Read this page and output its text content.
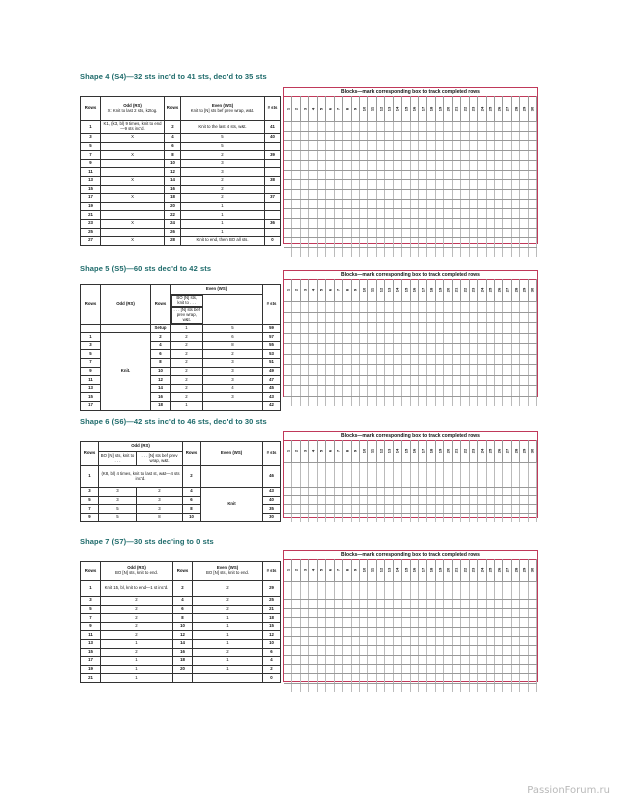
Shape 4 (S4)—32 sts inc'd to 41 sts, dec'd to 35 sts
Rows	Odd (RS)
X: Knit to last 2 sts, k2tog.	Rows	Even (WS)
Knit to [N] sts bef prev wrap, w&t.	# sts
1	K1, (k3, bl) 9 times, knit to end—9 sts inc'd.	2	Knit to the last 4 sts, w&t.	41
3	X	4	5	40
5		6	5	
7	X	8	2	39
9		10	3	
11		12	3	
13	X	14	2	38
15		16	2	
17	X	18	2	37
19		20	1	
21		22	1	
23	X	24	1	36
25		26	1	
27	X	28	Knit to end, then BO all sts.	0
Blocks—mark corresponding box to track completed rows
1 2 3 4 5 6 7 8 9 10 11 12 13 14 15 16 17 18 19 20 21 22 23 24 25 26 27 28 29 30
Shape 5 (S5)—60 sts dec'd to 42 sts
Rows	Odd (RS)	Rows	Even (WS)		# sts

BO [N] sts, knit to . . .
. . . [N] sts bef prev wrap, w&t.

		Setup	1	5	59
1	Knit.	2	2	6	57
3		4	2	8	55
5		6	2	2	53
7		8	2	3	51
9		10	2	3	49
11		12	2	3	47
13		14	2	4	45
15		16	2	3	43
17		18	1		42
Blocks—mark corresponding box to track completed rows
1 2 3 4 5 6 7 8 9 10 11 12 13 14 15 16 17 18 19 20 21 22 23 24 25 26 27 28 29 30
Shape 6 (S6)—42 sts inc'd to 46 sts, dec'd to 30 sts
Rows	Odd (RS)		Rows	Even (WS)	# sts
	BO [N] sts, knit to . . .	. . . [N] sts bef prev wrap, w&t.			
1	(K8, bl) 4 times, knit to last st, w&t—4 sts inc'd.		2		46
3	3	2	4	Knit	43
5	3	3	6		40
7	5	3	8		35
9	5	8	10		30
Blocks—mark corresponding box to track completed rows
1 2 3 4 5 6 7 8 9 10 11 12 13 14 15 16 17 18 19 20 21 22 23 24 25 26 27 28 29 30
Shape 7 (S7)—30 sts dec'ing to 0 sts
Rows	Odd (RS)
BO [N] sts, knit to end.	Rows	Even (WS)
BO [N] sts, knit to end.	# sts
1	Knit 15, bl, knit to end—1 st inc'd.	2	2	29
3	2	4	2	25
5	2	6	2	21
7	2	8	1	18
9	2	10	1	15
11	2	12	1	12
13	1	14	1	10
15	2	16	2	6
17	1	18	1	4
19	1	20	1	2
21	1			0
Blocks—mark corresponding box to track completed rows
1 2 3 4 5 6 7 8 9 10 11 12 13 14 15 16 17 18 19 20 21 22 23 24 25 26 27 28 29 30
PassionForum.ru
